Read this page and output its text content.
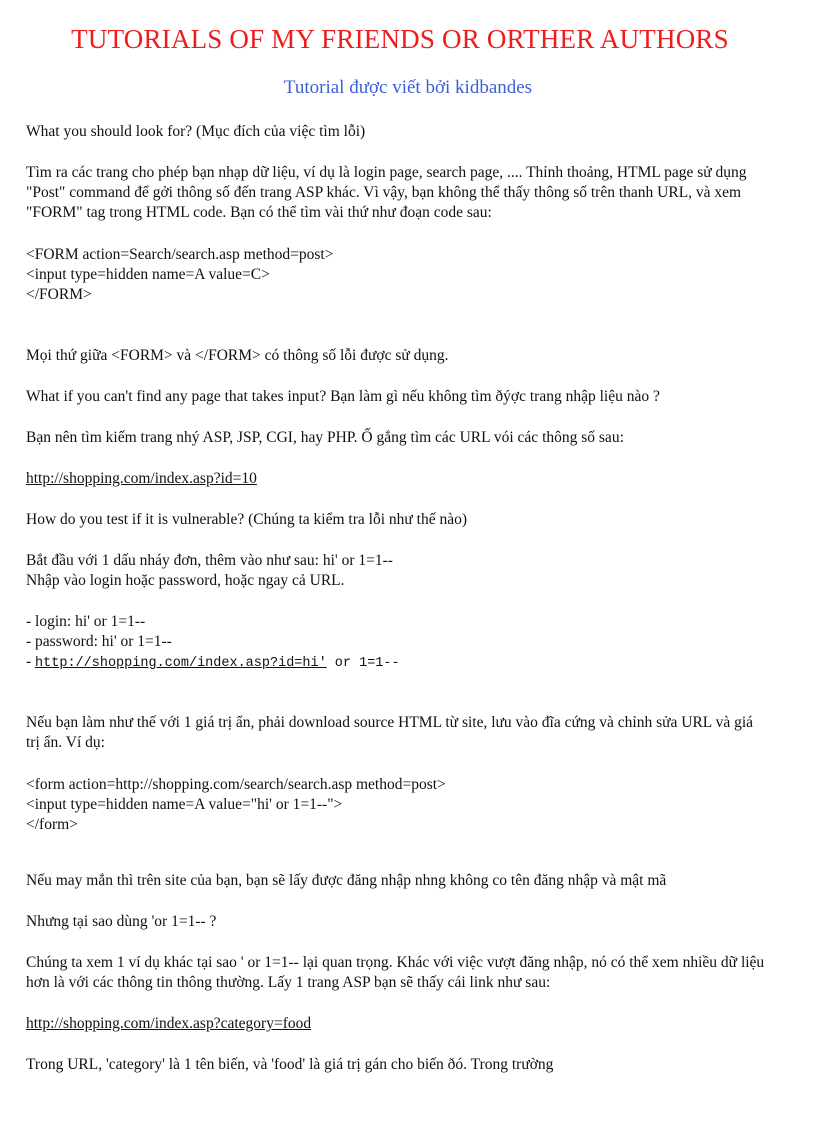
TUTORIALS OF MY FRIENDS OR ORTHER AUTHORS
Tutorial được viết bởi kidbandes
What you should look for? (Mục đích của việc tìm lỗi)
Tìm ra các trang cho phép bạn nhạp dữ liệu, ví dụ là login page, search page, .... Thỉnh thoảng, HTML page sử dụng
"Post" command để gởi thông số đến trang ASP khác. Vì vậy, bạn không thể thấy thông số trên thanh URL, và xem
"FORM" tag trong HTML code. Bạn có thể tìm vài thứ như đoạn code sau:
<FORM action=Search/search.asp method=post>
<input type=hidden name=A value=C>
</FORM>
Mọi thứ giữa <FORM> và </FORM> có thông số lỗi được sử dụng.
What if you can't find any page that takes input? Bạn làm gì nếu không tìm ðýợc trang nhập liệu nào ?
Bạn nên tìm kiếm trang nhý ASP, JSP, CGI, hay PHP. Ố gắng tìm các URL vói các thông số sau:
http://shopping.com/index.asp?id=10
How do you test if it is vulnerable? (Chúng ta kiểm tra lỗi như thế nào)
Bắt đầu với 1 dấu nháy đơn, thêm vào như sau: hi' or 1=1--
Nhập vào login hoặc password, hoặc ngay cả URL.
- login: hi' or 1=1--
- password: hi' or 1=1--
- http://shopping.com/index.asp?id=hi' or 1=1--
Nếu bạn làm như thế với 1 giá trị ẩn, phải download source HTML từ site, lưu vào đĩa cứng và chỉnh sửa URL và giá
trị ẩn. Ví dụ:
<form action=http://shopping.com/search/search.asp method=post>
<input type=hidden name=A value="hi' or 1=1--">
</form>
Nếu may mắn thì trên site của bạn, bạn sẽ lấy được đăng nhập nhng không co tên đăng nhập và mật mã
Nhưng tại sao dùng 'or 1=1-- ?
Chúng ta xem 1 ví dụ khác tại sao ' or 1=1-- lại quan trọng. Khác với việc vượt đăng nhập, nó có thể xem nhiều dữ liệu
hơn là với các thông tin thông thường. Lấy 1 trang ASP bạn sẽ thấy cái link như sau:
http://shopping.com/index.asp?category=food
Trong URL, 'category' là 1 tên biến, và 'food' là giá trị gán cho biến ðó. Trong trường
